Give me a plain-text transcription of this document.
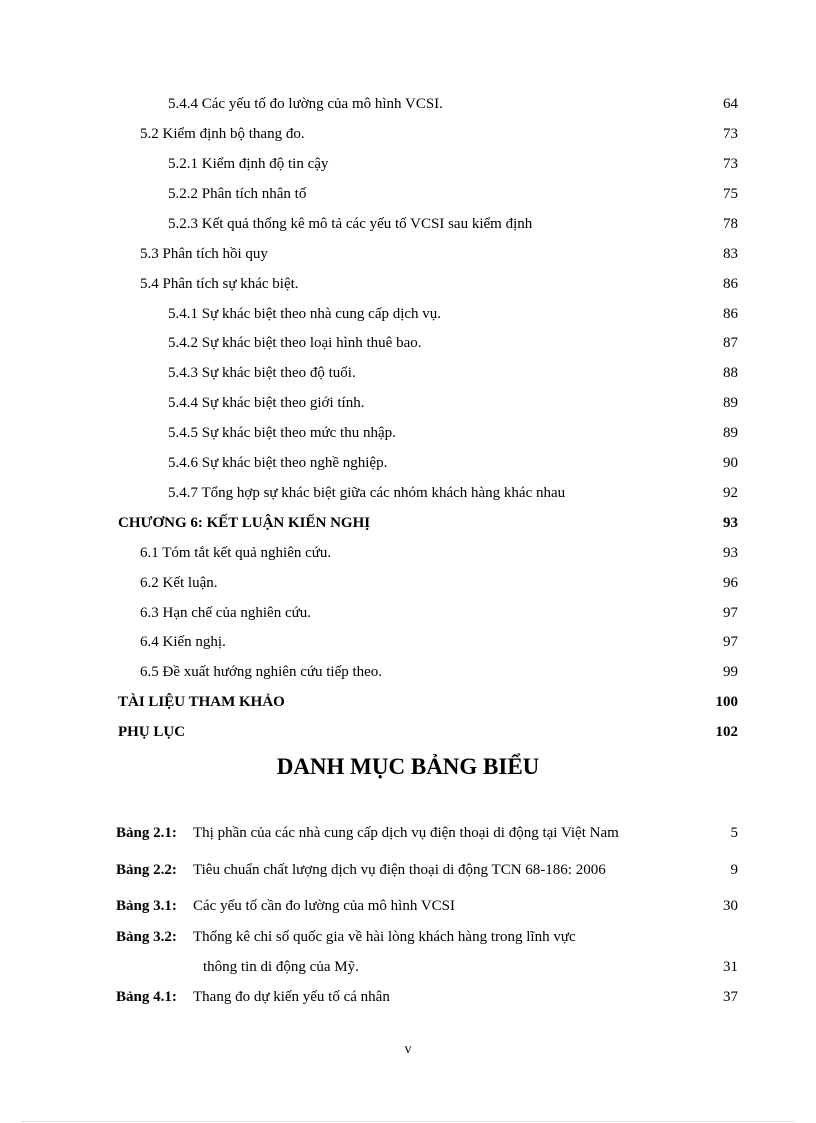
5.4.4 Các yếu tố đo lường của mô hình VCSI.	64
5.2 Kiểm định bộ thang đo.	73
5.2.1 Kiểm định độ tin cậy	73
5.2.2 Phân tích nhân tố	75
5.2.3 Kết quả thống kê mô tả các yếu tố VCSI sau kiểm định	78
5.3 Phân tích hồi quy	83
5.4 Phân tích sự khác biệt.	86
5.4.1 Sự khác biệt theo nhà cung cấp dịch vụ.	86
5.4.2 Sự khác biệt theo loại hình thuê bao.	87
5.4.3 Sự khác biệt theo độ tuổi.	88
5.4.4 Sự khác biệt theo giới tính.	89
5.4.5 Sự khác biệt theo mức thu nhập.	89
5.4.6 Sự khác biệt theo nghề nghiệp.	90
5.4.7 Tổng hợp sự khác biệt giữa các nhóm khách hàng khác nhau	92
CHƯƠNG 6: KẾT LUẬN KIẾN NGHỊ	93
6.1 Tóm tắt kết quả nghiên cứu.	93
6.2 Kết luận.	96
6.3 Hạn chế của nghiên cứu.	97
6.4 Kiến nghị.	97
6.5 Đề xuất hướng nghiên cứu tiếp theo.	99
TÀI LIỆU THAM KHẢO	100
PHỤ LỤC	102
DANH MỤC BẢNG BIỂU
Bảng 2.1: Thị phần của các nhà cung cấp dịch vụ điện thoại di động tại Việt Nam	5
Bảng 2.2: Tiêu chuẩn chất lượng dịch vụ điện thoại di động TCN 68-186: 2006	9
Bảng 3.1: Các yếu tố cần đo lường của mô hình VCSI	30
Bảng 3.2: Thống kê chỉ số quốc gia về hài lòng khách hàng trong lĩnh vực
thông tin di động của Mỹ.	31
Bảng 4.1: Thang đo dự kiến yếu tố cá nhân	37
v
